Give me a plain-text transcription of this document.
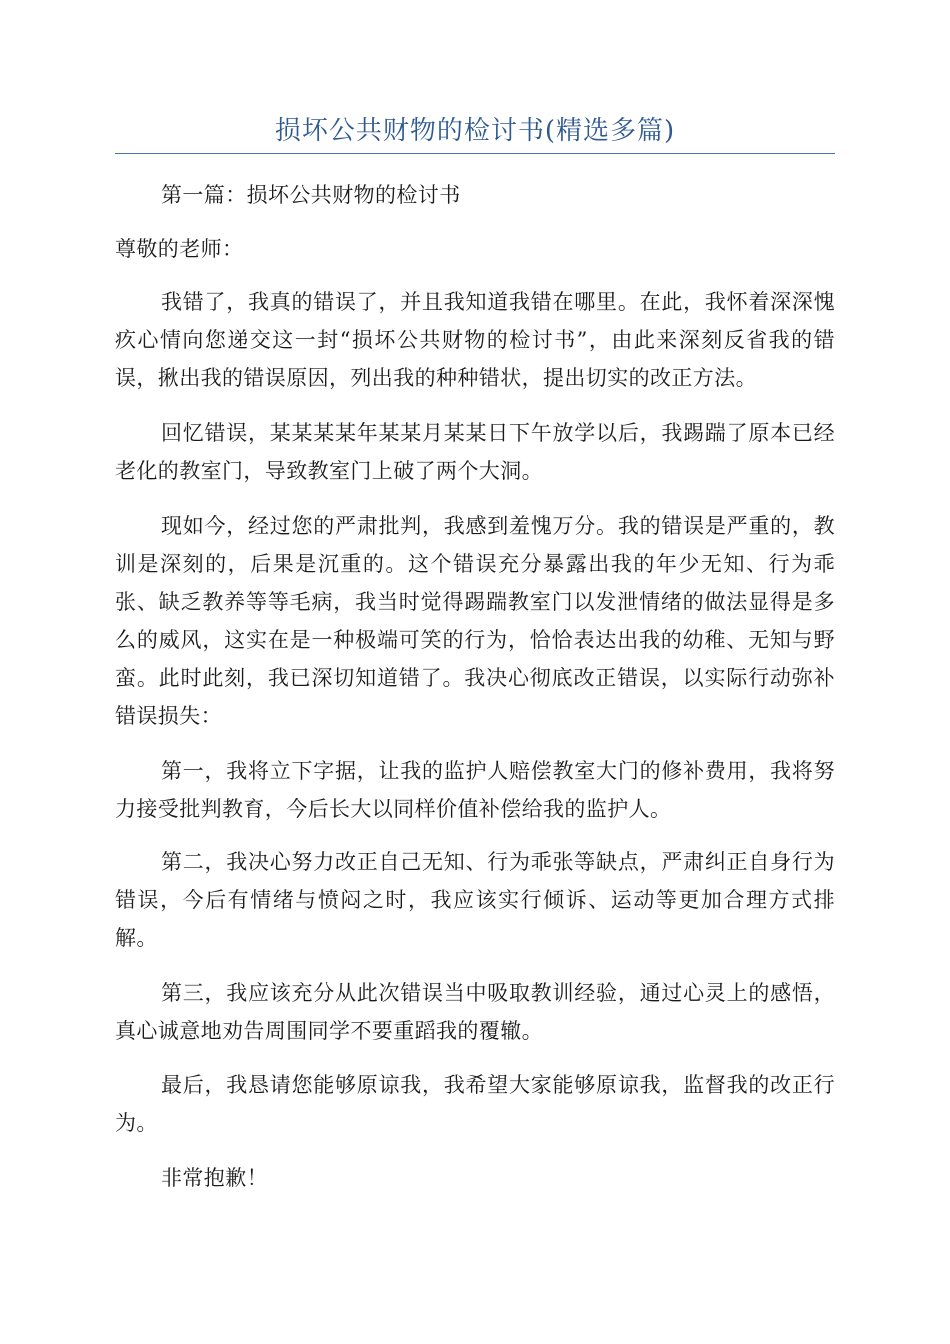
损坏公共财物的检讨书(精选多篇)

第一篇：损坏公共财物的检讨书

尊敬的老师：

我错了，我真的错误了，并且我知道我错在哪里。在此，我怀着深深愧疚心情向您递交这一封“损坏公共财物的检讨书”，由此来深刻反省我的错误，揪出我的错误原因，列出我的种种错状，提出切实的改正方法。

回忆错误，某某某某年某某月某某日下午放学以后，我踢踹了原本已经老化的教室门，导致教室门上破了两个大洞。

现如今，经过您的严肃批判，我感到羞愧万分。我的错误是严重的，教训是深刻的，后果是沉重的。这个错误充分暴露出我的年少无知、行为乖张、缺乏教养等等毛病，我当时觉得踢踹教室门以发泄情绪的做法显得是多么的威风，这实在是一种极端可笑的行为，恰恰表达出我的幼稚、无知与野蛮。此时此刻，我已深切知道错了。我决心彻底改正错误，以实际行动弥补错误损失：

第一，我将立下字据，让我的监护人赔偿教室大门的修补费用，我将努力接受批判教育，今后长大以同样价值补偿给我的监护人。

第二，我决心努力改正自己无知、行为乖张等缺点，严肃纠正自身行为错误，今后有情绪与愤闷之时，我应该实行倾诉、运动等更加合理方式排解。

第三，我应该充分从此次错误当中吸取教训经验，通过心灵上的感悟，真心诚意地劝告周围同学不要重蹈我的覆辙。

最后，我恳请您能够原谅我，我希望大家能够原谅我，监督我的改正行为。

非常抱歉！
